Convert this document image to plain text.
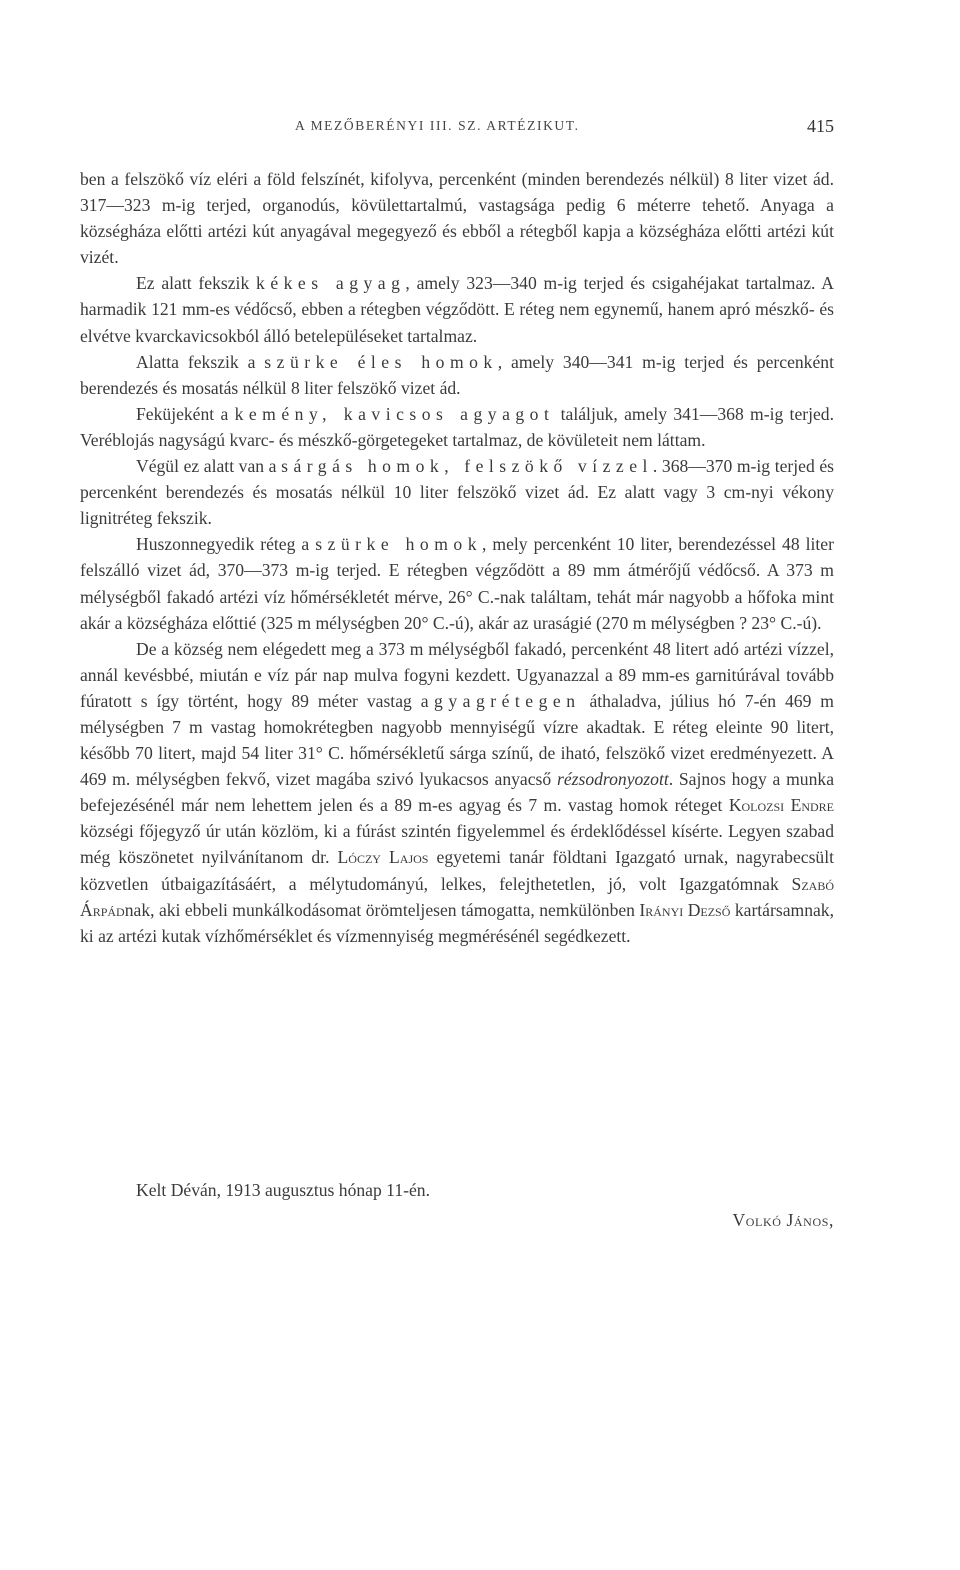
A MEZŐBERÉNYI III. SZ. ARTÉZIKUT.	415

ben a felszökő víz eléri a föld felszínét, kifolyva, percenként (minden berendezés nélkül) 8 liter vizet ád. 317—323 m-ig terjed, organodús, kövülettartalmú, vastagsága pedig 6 méterre tehető. Anyaga a községháza előtti artézi kút anyagával megegyező és ebből a rétegből kapja a községháza előtti artézi kút vizét.

Ez alatt fekszik kékes agyag, amely 323—340 m-ig terjed és csigahéjakat tartalmaz. A harmadik 121 mm-es védőcső, ebben a rétegben végződött. E réteg nem egynemű, hanem apró mészkő- és elvétve kvarckavicsokból álló betelepüléseket tartalmaz.

Alatta fekszik a szürke éles homok, amely 340—341 m-ig terjed és percenként berendezés és mosatás nélkül 8 liter felszökő vizet ád.

Feküjeként a kemény, kavicsos agyagot találjuk, amely 341—368 m-ig terjed. Veréblojás nagyságú kvarc- és mészkő-görgetegeket tartalmaz, de kövületeit nem láttam.

Végül ez alatt van a sárgás homok, felszökő vízzel. 368—370 m-ig terjed és percenként berendezés és mosatás nélkül 10 liter felszökő vizet ád. Ez alatt vagy 3 cm-nyi vékony lignitréteg fekszik.

Huszonnegyedik réteg a szürke homok, mely percenként 10 liter, berendezéssel 48 liter felszálló vizet ád, 370—373 m-ig terjed. E rétegben végződött a 89 mm átmérőjű védőcső. A 373 m mélységből fakadó artézi víz hőmérsékletét mérve, 26° C.-nak találtam, tehát már nagyobb a hőfoka mint akár a községháza előttié (325 m mélységben 20° C.-ú), akár az uraságié (270 m mélységben ? 23° C.-ú).

De a község nem elégedett meg a 373 m mélységből fakadó, percenként 48 litert adó artézi vízzel, annál kevésbbé, miután e víz pár nap mulva fogyni kezdett. Ugyanazzal a 89 mm-es garnitúrával tovább fúratott s így történt, hogy 89 méter vastag agyagrétegen áthaladva, július hó 7-én 469 m mélységben 7 m vastag homokrétegben nagyobb mennyiségű vízre akadtak. E réteg eleinte 90 litert, később 70 litert, majd 54 liter 31° C. hőmérsékletű sárga színű, de iható, felszökő vizet eredményezett. A 469 m. mélységben fekvő, vizet magába szivó lyukacsos anyacső rézsodronyozott. Sajnos hogy a munka befejezésénél már nem lehettem jelen és a 89 m-es agyag és 7 m. vastag homok réteget Kolozsi Endre községi főjegyző úr után közlöm, ki a fúrást szintén figyelemmel és érdeklődéssel kísérte. Legyen szabad még köszönetet nyilvánítanom dr. Lóczy Lajos egyetemi tanár földtani Igazgató urnak, nagyrabecsült közvetlen útbaigazításáért, a mélytudományú, lelkes, felejthetetlen, jó, volt Igazgatómnak Szabó Árpádnak, aki ebbeli munkálkodásomat örömteljesen támogatta, nemkülönben Irányi Dezső kartársamnak, ki az artézi kutak vízhőmérséklet és vízmennyiség megmérésénél segédkezett.

Kelt Déván, 1913 augusztus hónap 11-én.
Volkó János,
